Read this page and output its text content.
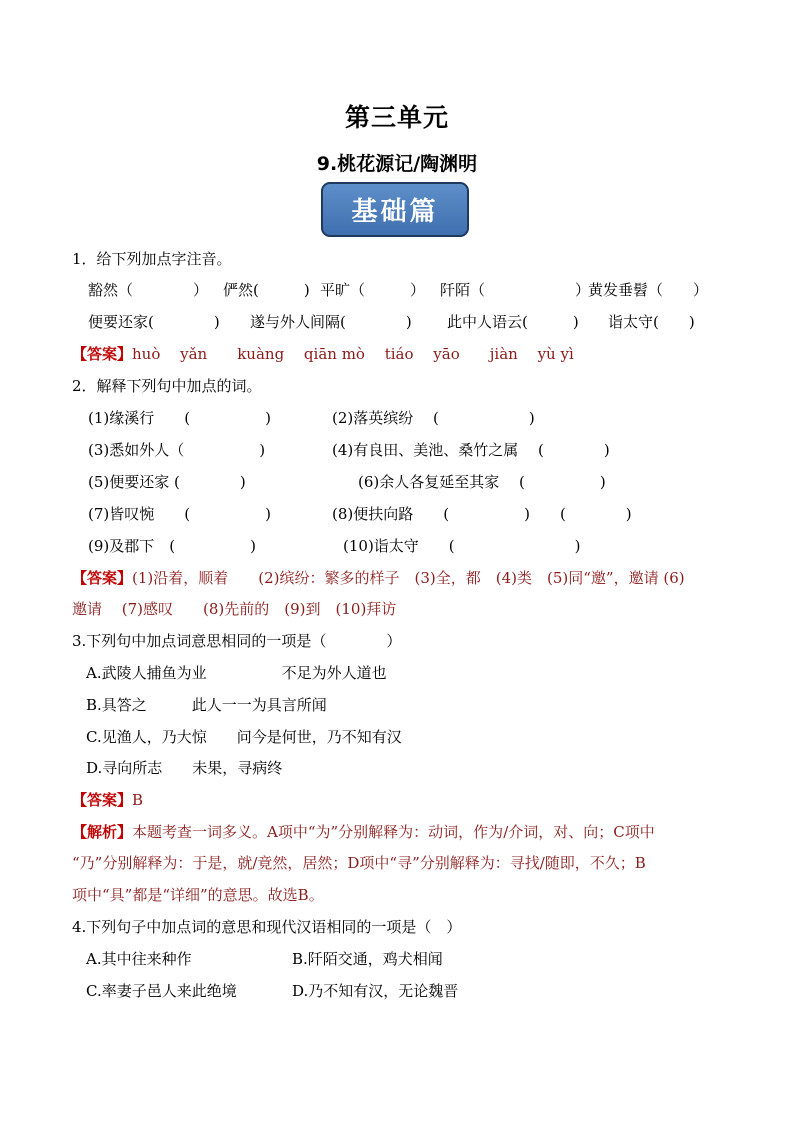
第三单元
9.桃花源记/陶渊明
基础篇
1．给下列加点字注音。
豁然（　　　　） 俨然(　　　) 平旷（　　　） 阡陌（　　　　　　）
黄发垂髫（　　）
便要还家(　　　　) 遂与外人间隔(　　　　) 此中人语云(　　　) 诣太守(　　)
【答案】huò　 yǎn　　kuàng　 qiān mò　 tiáo　 yāo　　jiàn　 yù yì
2．解释下列句中加点的词。
(1)缘溪行　　(　　　　　)	(2)落英缤纷　 (　　　　　　)
(3)悉如外人（　　　　　)	(4)有良田、美池、桑竹之属　 (　　　　)
(5)便要还家 (　　　　)	(6)余人各复延至其家　 (　　　　　)
(7)皆叹惋　　(　　　　　)	(8)便扶向路　　(　　　　　)　　(　　　　)
(9)及郡下　(　　　　　)	(10)诣太守　　(　　　　　　　　)
【答案】(1)沿着，顺着　　(2)缤纷：繁多的样子　(3)全，都　(4)类　(5)同“邀”，邀请 (6)
邀请　 (7)感叹　　(8)先前的　(9)到　(10)拜访
3.下列句中加点词意思相同的一项是（　　　　）
A.武陵人捕鱼为业　　　　　不足为外人道也
B.具答之　　　此人一一为具言所闻
C.见渔人，乃大惊　　问今是何世，乃不知有汉
D.寻向所志　　未果，寻病终
【答案】B
【解析】本题考查一词多义。A项中“为”分别解释为：动词，作为/介词，对、向；C项中
“乃”分别解释为：于是，就/竟然，居然；D项中“寻”分别解释为：寻找/随即，不久；B
项中“具”都是“详细”的意思。故选B。
4.下列句子中加点词的意思和现代汉语相同的一项是（　）
A.其中往来种作	B.阡陌交通，鸡犬相闻
C.率妻子邑人来此绝境	D.乃不知有汉，无论魏晋
